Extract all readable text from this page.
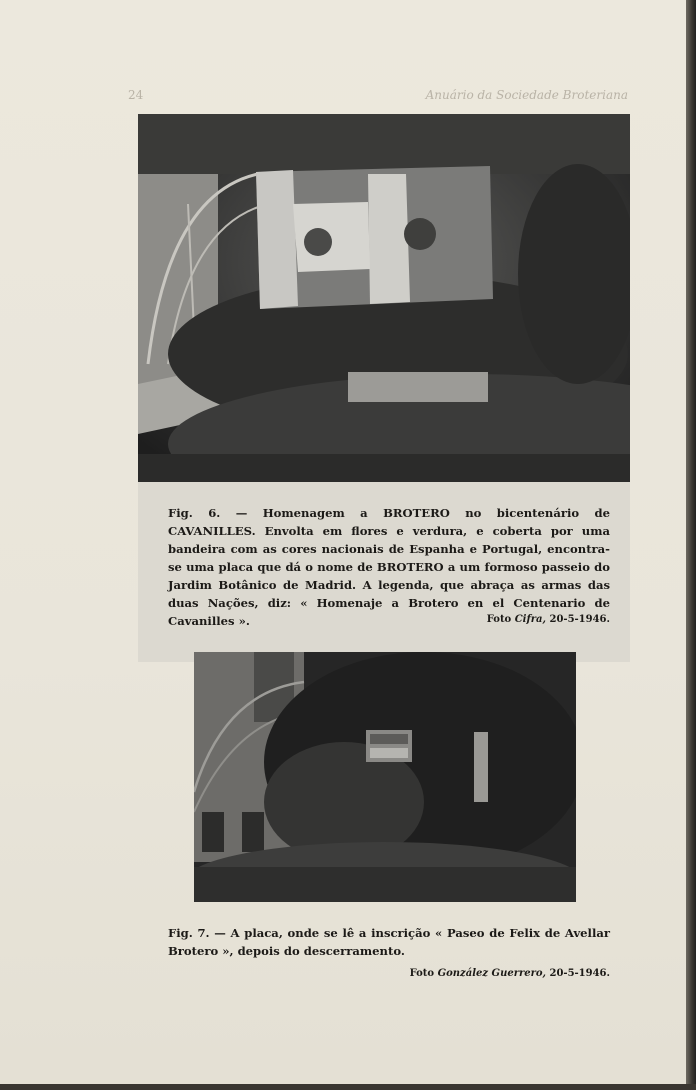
24	Anuário da Sociedade Broteriana
Fig. 6. — Homenagem a BROTERO no bicentenário de CAVANILLES. Envolta em flores e verdura, e coberta por uma bandeira com as cores nacionais de Espanha e Portugal, encontra-se uma placa que dá o nome de BROTERO a um formoso passeio do Jardim Botânico de Madrid. A legenda, que abraça as armas das duas Nações, diz: « Homenaje a Brotero en el Centenario de Cavanilles ».	Foto Cifra, 20-5-1946.
Fig. 7. — A placa, onde se lê a inscrição « Paseo de Felix de Avellar Brotero », depois do descerramento.
Foto González Guerrero, 20-5-1946.
